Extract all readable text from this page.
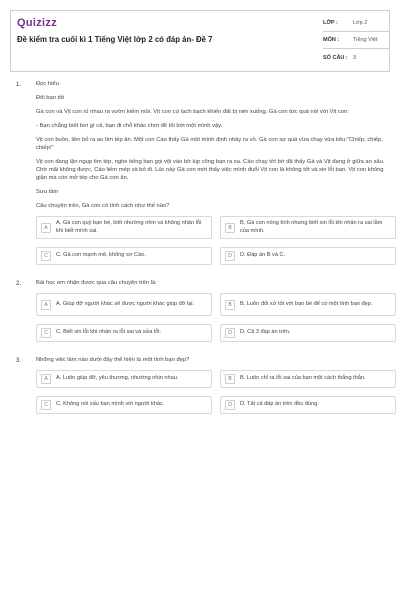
Quizizz
Đề kiểm tra cuối kì 1 Tiếng Việt lớp 2 có đáp án- Đề 7
LỚP :	Lớp 2
MÔN :	Tiếng Việt
SỐ CÂU : 3
1.	Đọc hiểu
Đôi bạn tốt
Gà con và Vịt con rủ nhau ra vườn kiếm mồi. Vịt con cứ lạch bạch khiến đất bị nén xuống. Gà con tức quá nói với Vịt con:
- Bạn chẳng biết bơi gì cả, bạn đi chỗ khác chơi để tôi bới một mình vậy.
Vịt con buồn, liền bỏ ra ao tìm tép ăn. Một con Cáo thấy Gà một mình định nhảy ra vồ. Gà con sợ quá vừa chạy vừa kêu:"Chiếp, chiếp, chiếp!"
Vịt con đang lặn ngụp tìm tép, nghe tiếng bạn gọi vội vào bờ kịp cõng bạn ra xa. Cáo chạy tới bờ đã thấy Gà và Vịt đang ở giữa ao sâu. Chờ mãi không được, Cáo liếm mép và bỏ đi. Lúc này Gà con mới thấy việc mình đuổi Vịt con là không tốt và xin lỗi bạn. Vịt con không giận mà còn mở tép cho Gà con ăn.
Sưu tầm
Câu chuyện trên, Gà con có tính cách như thế nào?
A
A. Gà con quý bạn bè, biết nhường nhịn và không nhận lỗi khi biết mình sai.	B
B. Gà con nóng tính nhưng biết xin lỗi khi nhận ra sai lầm của mình.
C	C. Gà con mạnh mẽ, không sợ Cáo.	D	D. Đáp án B và C.
2.	Bài học em nhận được qua câu chuyện trên là:
A	A. Giúp đỡ người khác sẽ được người khác giúp đỡ lại.	B	B. Luôn đối xử tốt với bạn bè để có một tình bạn đẹp.
C	C. Biết xin lỗi khi nhận ra lỗi sai và sửa lỗi.	D	D. Cả 3 đáp án trên.
3.	Những việc làm nào dưới đây thể hiện là một tình bạn đẹp?
A	A. Luôn giúp đỡ, yêu thương, nhường nhịn nhau.	B	B. Luôn chỉ ra lỗi sai của bạn một cách thẳng thắn.
C	C. Không nói xấu bạn mình với người khác.	D	D. Tất cả đáp án trên đều đúng.
